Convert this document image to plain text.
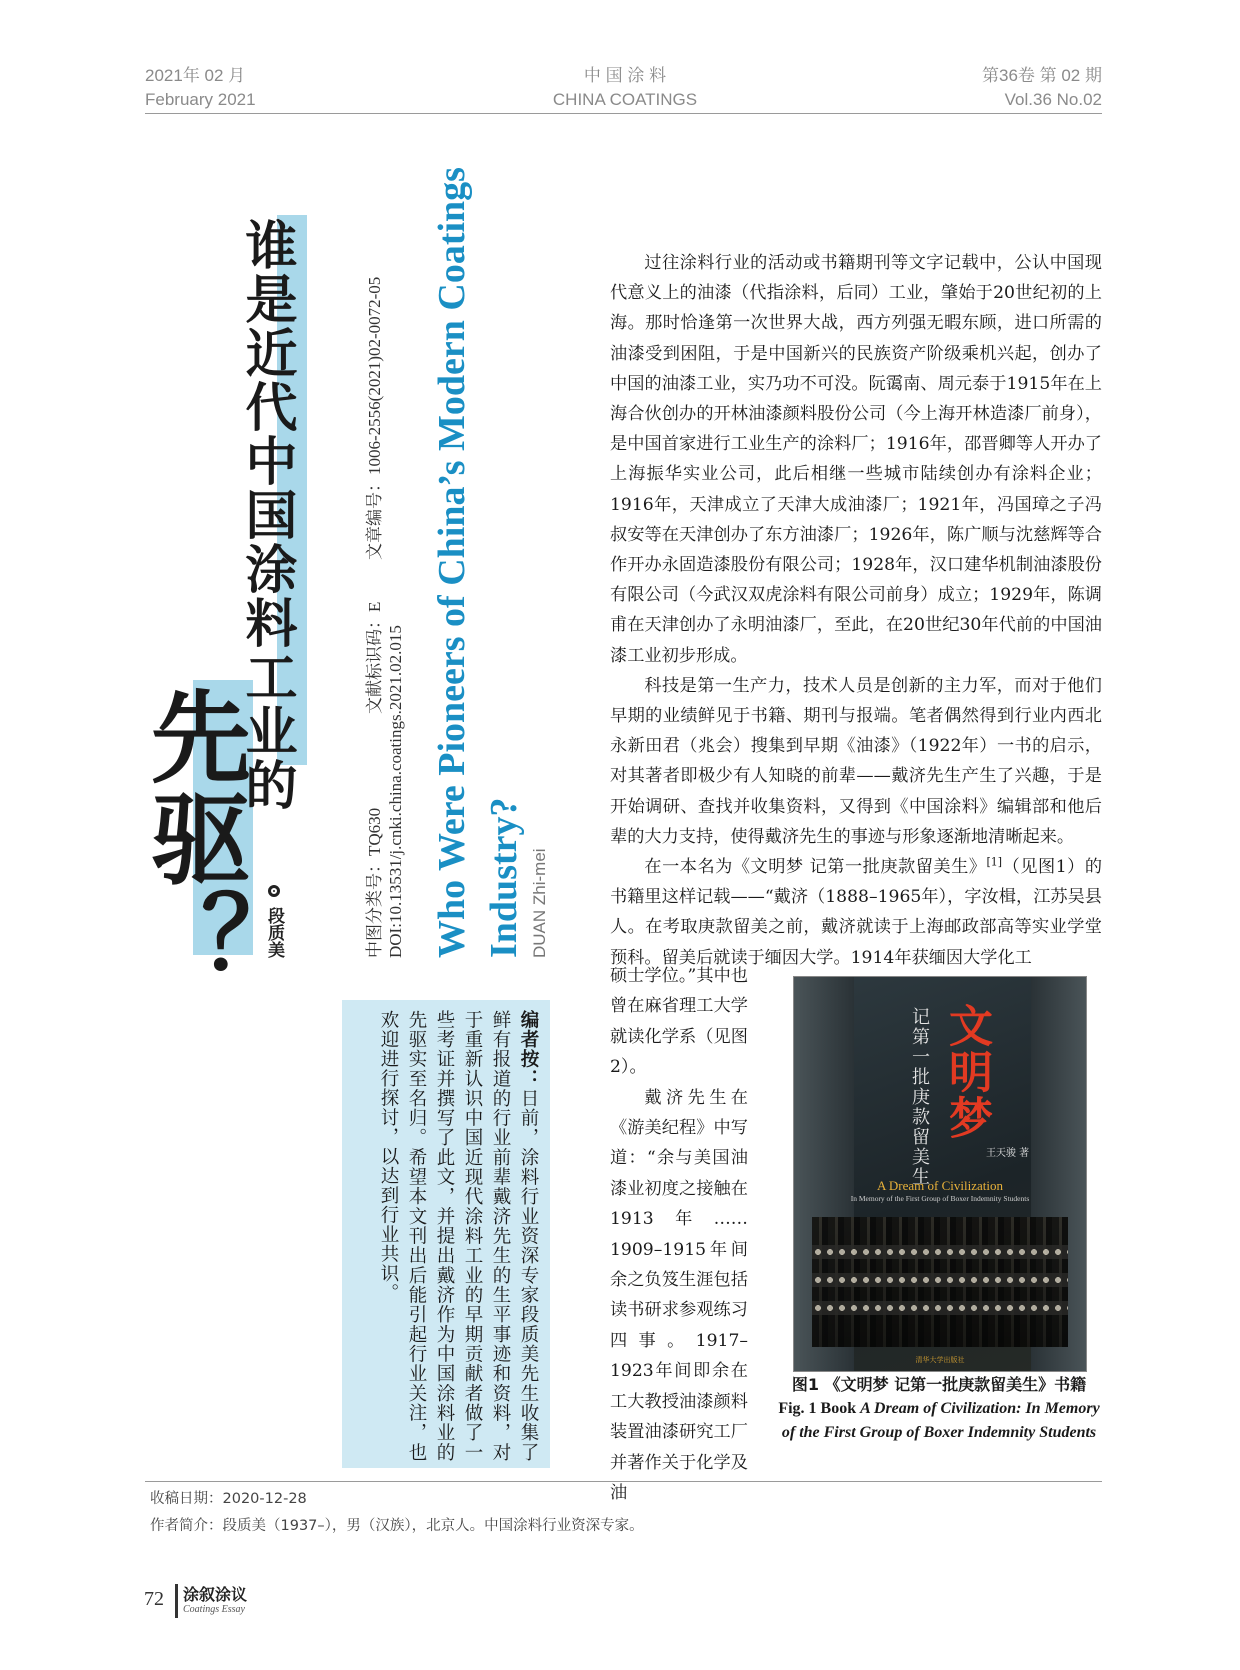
2021年 02 月
February 2021
中 国 涂 料
CHINA COATINGS
第36卷 第 02 期
Vol.36 No.02
谁是近代中国涂料工业的
先驱？ 段质美
文章编号：1006-2556(2021)02-0072-05
中图分类号：TQ630
文献标识码：E DOI:10.13531/j.cnki.china.coatings.2021.02.015 Who Were Pioneers of China’s Modern Coatings Industry? DUAN Zhi-mei
编者按：日前，涂料行业资深专家段质美先生收集了鲜有报道的行业前辈戴济先生的生平事迹和资料，对于重新认识中国近现代涂料工业的早期贡献者做了一些考证并撰写了此文，并提出戴济作为中国涂料业的先驱实至名归。希望本文刊出后能引起行业关注，也欢迎进行探讨，以达到行业共识。

过往涂料行业的活动或书籍期刊等文字记载中，公认中国现代意义上的油漆（代指涂料，后同）工业，肇始于20世纪初的上海。那时恰逢第一次世界大战，西方列强无暇东顾，进口所需的油漆受到困阻，于是中国新兴的民族资产阶级乘机兴起，创办了中国的油漆工业，实乃功不可没。阮霭南、周元泰于1915年在上海合伙创办的开林油漆颜料股份公司（今上海开林造漆厂前身），是中国首家进行工业生产的涂料厂；1916年，邵晋卿等人开办了上海振华实业公司，此后相继一些城市陆续创办有涂料企业；1916年，天津成立了天津大成油漆厂；1921年，冯国璋之子冯叔安等在天津创办了东方油漆厂；1926年，陈广顺与沈慈辉等合作开办永固造漆股份有限公司；1928年，汉口建华机制油漆股份有限公司（今武汉双虎涂料有限公司前身）成立；1929年，陈调甫在天津创办了永明油漆厂，至此，在20世纪30年代前的中国油漆工业初步形成。

科技是第一生产力，技术人员是创新的主力军，而对于他们早期的业绩鲜见于书籍、期刊与报端。笔者偶然得到行业内西北永新田君（兆会）搜集到早期《油漆》（1922年）一书的启示，对其著者即极少有人知晓的前辈——戴济先生产生了兴趣，于是开始调研、查找并收集资料，又得到《中国涂料》编辑部和他后辈的大力支持，使得戴济先生的事迹与形象逐渐地清晰起来。

在一本名为《文明梦 记第一批庚款留美生》[1]（见图1）的书籍里这样记载——“戴济（1888–1965年），字汝楫，江苏吴县人。在考取庚款留美之前，戴济就读于上海邮政部高等实业学堂预科。留美后就读于缅因大学。1914年获缅因大学化工

硕士学位。”其中也曾在麻省理工大学就读化学系（见图2）。

戴济先生在《游美纪程》中写道：“余与美国油漆业初度之接触在1913年……1909–1915年间余之负笈生涯包括读书研求参观练习四事。1917–1923年间即余在工大教授油漆颜料装置油漆研究工厂并著作关于化学及油

记第一批庚款留美生 文明梦
王天骏 著
A Dream of Civilization
In Memory of the First Group of Boxer Indemnity Students
清华大学出版社
图1 《文明梦 记第一批庚款留美生》书籍
Fig. 1 Book A Dream of Civilization: In Memory of the First Group of Boxer Indemnity Students
收稿日期：2020-12-28
作者简介：段质美（1937–），男（汉族），北京人。中国涂料行业资深专家。
72 涂叙涂议
Coatings Essay
